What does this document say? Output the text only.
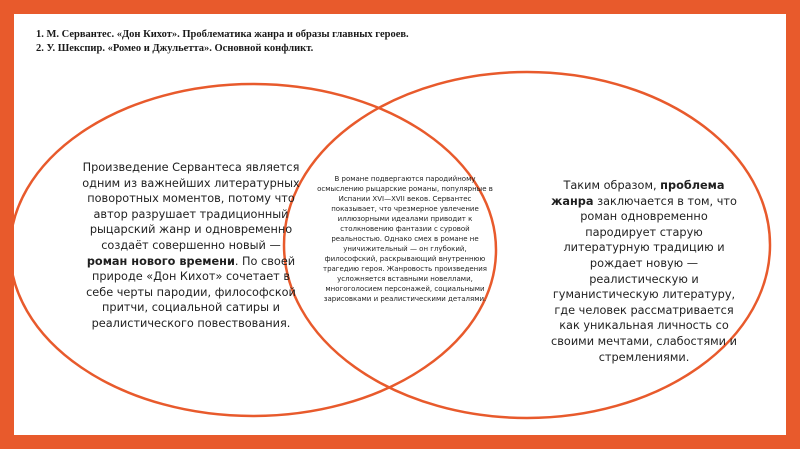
1. М. Сервантес. «Дон Кихот». Проблематика жанра и образы главных героев.
2. У. Шекспир. «Ромео и Джульетта». Основной конфликт.
Произведение Сервантеса является одним из важнейших литературных поворотных моментов, потому что автор разрушает традиционный рыцарский жанр и одновременно создаёт совершенно новый — роман нового времени. По своей природе «Дон Кихот» сочетает в себе черты пародии, философской притчи, социальной сатиры и реалистического повествования.
В романе подвергаются пародийному осмыслению рыцарские романы, популярные в Испании XVI—XVII веков. Сервантес показывает, что чрезмерное увлечение иллюзорными идеалами приводит к столкновению фантазии с суровой реальностью. Однако смех в романе не уничижительный — он глубокий, философский, раскрывающий внутреннюю трагедию героя. Жанровость произведения усложняется вставными новеллами, многоголосием персонажей, социальными зарисовками и реалистическими деталями.
Таким образом, проблема жанра заключается в том, что роман одновременно пародирует старую литературную традицию и рождает новую — реалистическую и гуманистическую литературу, где человек рассматривается как уникальная личность со своими мечтами, слабостями и стремлениями.
